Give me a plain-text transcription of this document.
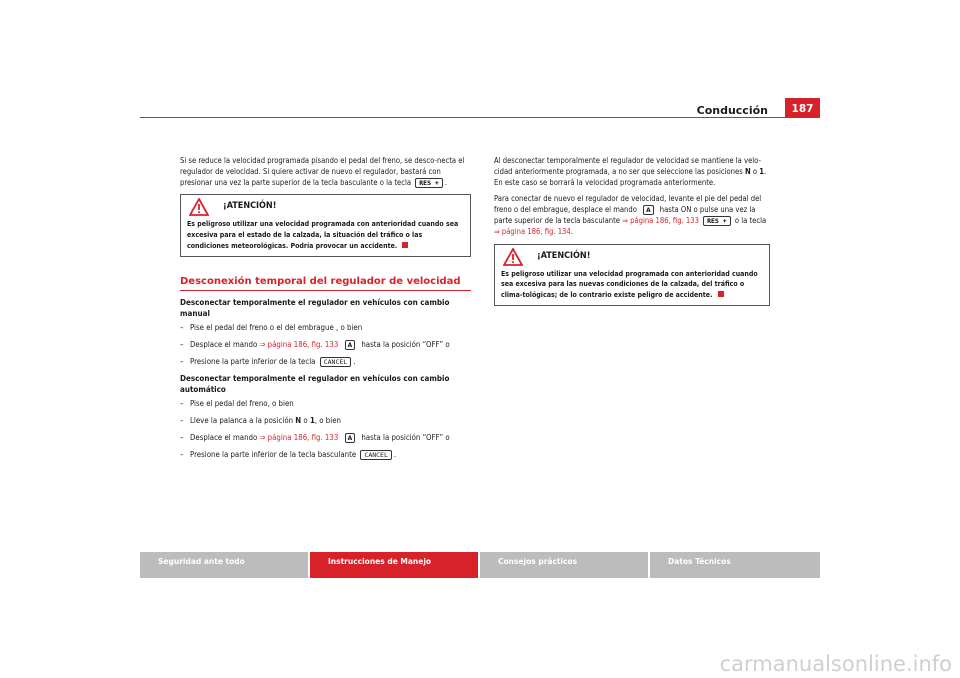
Conducción	187

Si se reduce la velocidad programada pisando el pedal del freno, se desco-necta el regulador de velocidad. Si quiere activar de nuevo el regulador, bastará con presionar una vez la parte superior de la tecla basculante o la tecla RES + .

¡ATENCIÓN!
Es peligroso utilizar una velocidad programada con anterioridad cuando sea excesiva para el estado de la calzada, la situación del tráfico o las condiciones meteorológicas. Podría provocar un accidente.
Desconexión temporal del regulador de velocidad
Desconectar temporalmente el regulador en vehículos con cambio manual
– Pise el pedal del freno o el del embrague , o bien
– Desplace el mando ⇒ página 186, fig. 133 A hasta la posición “OFF” o
– Presione la parte inferior de la tecla CANCEL .
Desconectar temporalmente el regulador en vehículos con cambio automático
– Pise el pedal del freno, o bien
– Lleve la palanca a la posición N o 1, o bien
– Desplace el mando ⇒ página 186, fig. 133 A hasta la posición “OFF” o
– Presione la parte inferior de la tecla basculante CANCEL .

Al desconectar temporalmente el regulador de velocidad se mantiene la velo-cidad anteriormente programada, a no ser que seleccione las posiciones N o 1. En este caso se borrará la velocidad programada anteriormente.

Para conectar de nuevo el regulador de velocidad, levante el pie del pedal del freno o del embrague, desplace el mando A hasta ON o pulse una vez la parte superior de la tecla basculante ⇒ página 186, fig. 133 RES + o la tecla ⇒ página 186, fig. 134.

¡ATENCIÓN!
Es peligroso utilizar una velocidad programada con anterioridad cuando sea excesiva para las nuevas condiciones de la calzada, del tráfico o clima-tológicas; de lo contrario existe peligro de accidente.
Seguridad ante todo	Instrucciones de Manejo	Consejos prácticos	Datos Técnicos
carmanualsonline.info
